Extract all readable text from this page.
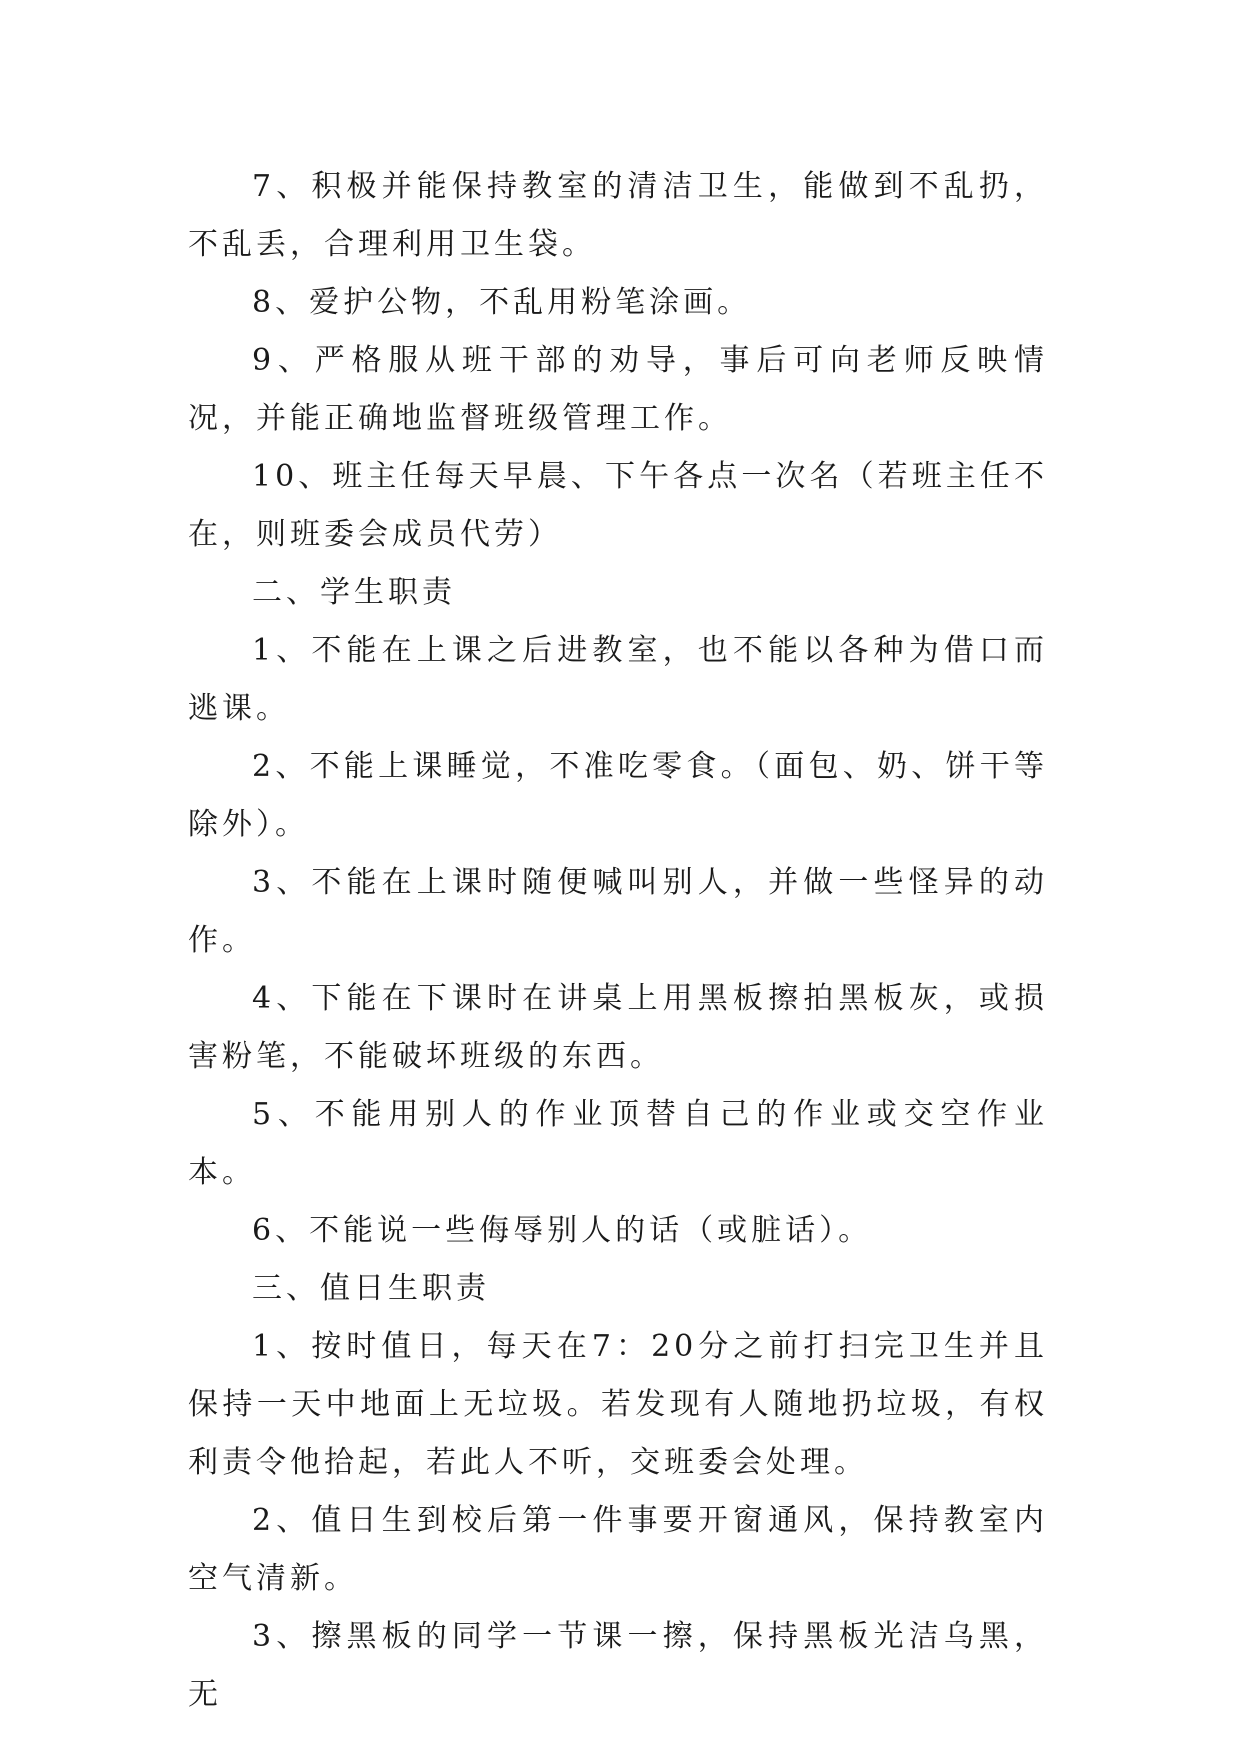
7、积极并能保持教室的清洁卫生，能做到不乱扔，不乱丢，合理利用卫生袋。

8、爱护公物，不乱用粉笔涂画。

9、严格服从班干部的劝导，事后可向老师反映情况，并能正确地监督班级管理工作。

10、班主任每天早晨、下午各点一次名（若班主任不在，则班委会成员代劳）

二、学生职责

1、不能在上课之后进教室，也不能以各种为借口而逃课。

2、不能上课睡觉，不准吃零食。（面包、奶、饼干等除外）。

3、不能在上课时随便喊叫别人，并做一些怪异的动作。

4、下能在下课时在讲桌上用黑板擦拍黑板灰，或损害粉笔，不能破坏班级的东西。

5、不能用别人的作业顶替自己的作业或交空作业本。

6、不能说一些侮辱别人的话（或脏话）。

三、值日生职责

1、按时值日，每天在7：20分之前打扫完卫生并且保持一天中地面上无垃圾。若发现有人随地扔垃圾，有权利责令他拾起，若此人不听，交班委会处理。

2、值日生到校后第一件事要开窗通风，保持教室内空气清新。

3、擦黑板的同学一节课一擦，保持黑板光洁乌黑，无
